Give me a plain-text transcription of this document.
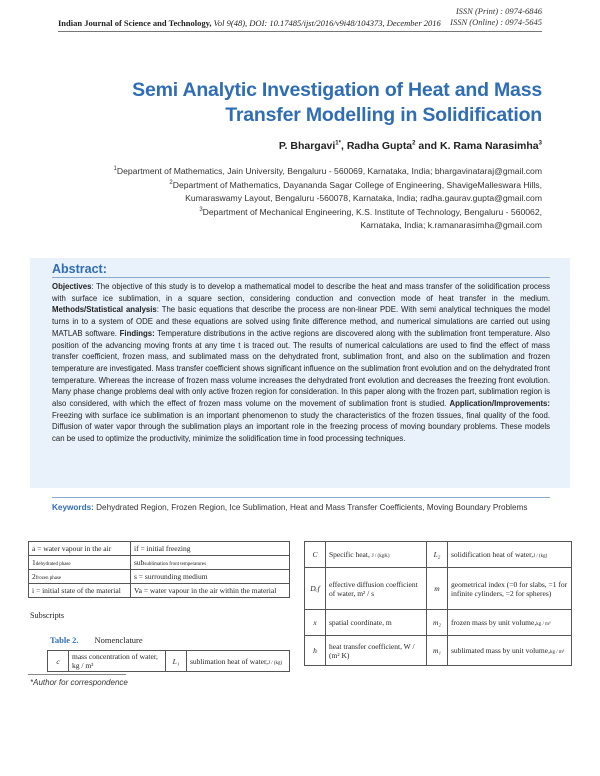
ISSN (Print) : 0974-6846
ISSN (Online) : 0974-5645
Indian Journal of Science and Technology, Vol 9(48), DOI: 10.17485/ijst/2016/v9i48/104373, December 2016
Semi Analytic Investigation of Heat and Mass Transfer Modelling in Solidification
P. Bhargavi$^{1*}$, Radha Gupta$^2$ and K. Rama Narasimha$^3$
$^1$Department of Mathematics, Jain University, Bengaluru - 560069, Karnataka, India; bhargavinataraj@gmail.com
$^2$Department of Mathematics, Dayananda Sagar College of Engineering, ShavigeMalleswara Hills,
Kumaraswamy Layout, Bengaluru -560078, Karnataka, India; radha.gaurav.gupta@gmail.com
$^3$Department of Mechanical Engineering, K.S. Institute of Technology, Bengaluru - 560062,
Karnataka, India; k.ramanarasimha@gmail.com
Abstract:
Objectives: The objective of this study is to develop a mathematical model to describe the heat and mass transfer of the solidification process with surface ice sublimation, in a square section, considering conduction and convection mode of heat transfer in the medium. Methods/Statistical analysis: The basic equations that describe the process are non-linear PDE. With semi analytical techniques the model turns in to a system of ODE and these equations are solved using finite difference method, and numerical simulations are carried out using MATLAB software. Findings: Temperature distributions in the active regions are discovered along with the sublimation front temperature. Also position of the advancing moving fronts at any time t is traced out. The results of numerical calculations are used to find the effect of mass transfer coefficient, frozen mass, and sublimated mass on the dehydrated front, sublimation front, and also on the sublimation and frozen temperature are investigated. Mass transfer coefficient shows significant influence on the sublimation front evolution and on the dehydrated front temperature. Whereas the increase of frozen mass volume increases the dehydrated front evolution and decreases the freezing front evolution. Many phase change problems deal with only active frozen region for consideration. In this paper along with the frozen part, sublimation region is also considered, with which the effect of frozen mass volume on the movement of sublimation front is studied. Application/Improvements: Freezing with surface ice sublimation is an important phenomenon to study the characteristics of the frozen tissues, final quality of the food. Diffusion of water vapor through the sublimation plays an important role in the freezing process of moving boundary problems. These models can be used to optimize the productivity, minimize the solidification time in food processing techniques.
Keywords: Dehydrated Region, Frozen Region, Ice Sublimation, Heat and Mass Transfer Coefficients, Moving Boundary Problems
a = water vapour in the air	if = initial freezing
1dehydrated phase	subsublimation front temperatures
2frozen phase	s = surrounding medium
i = initial state of the material	Va = water vapour in the air within the material
Subscripts
Table 2. Nomenclature
c	mass concentration of water, kg / m³	L₁	sublimation heat of water,J / (kg)
C	Specific heat, J / (kgK)	L₂	solidification heat of water,J / (kg)
Dₑf	effective diffusion coefficient of water, m² / s	m	geometrical index (=0 for slabs, =1 for infinite cylinders, =2 for spheres)
x	spatial coordinate, m	m₂	frozen mass by unit volume,kg / m³
h	heat transfer coefficient, W / (m² K)	m₁	sublimated mass by unit volume,kg / m³
*Author for correspondence
